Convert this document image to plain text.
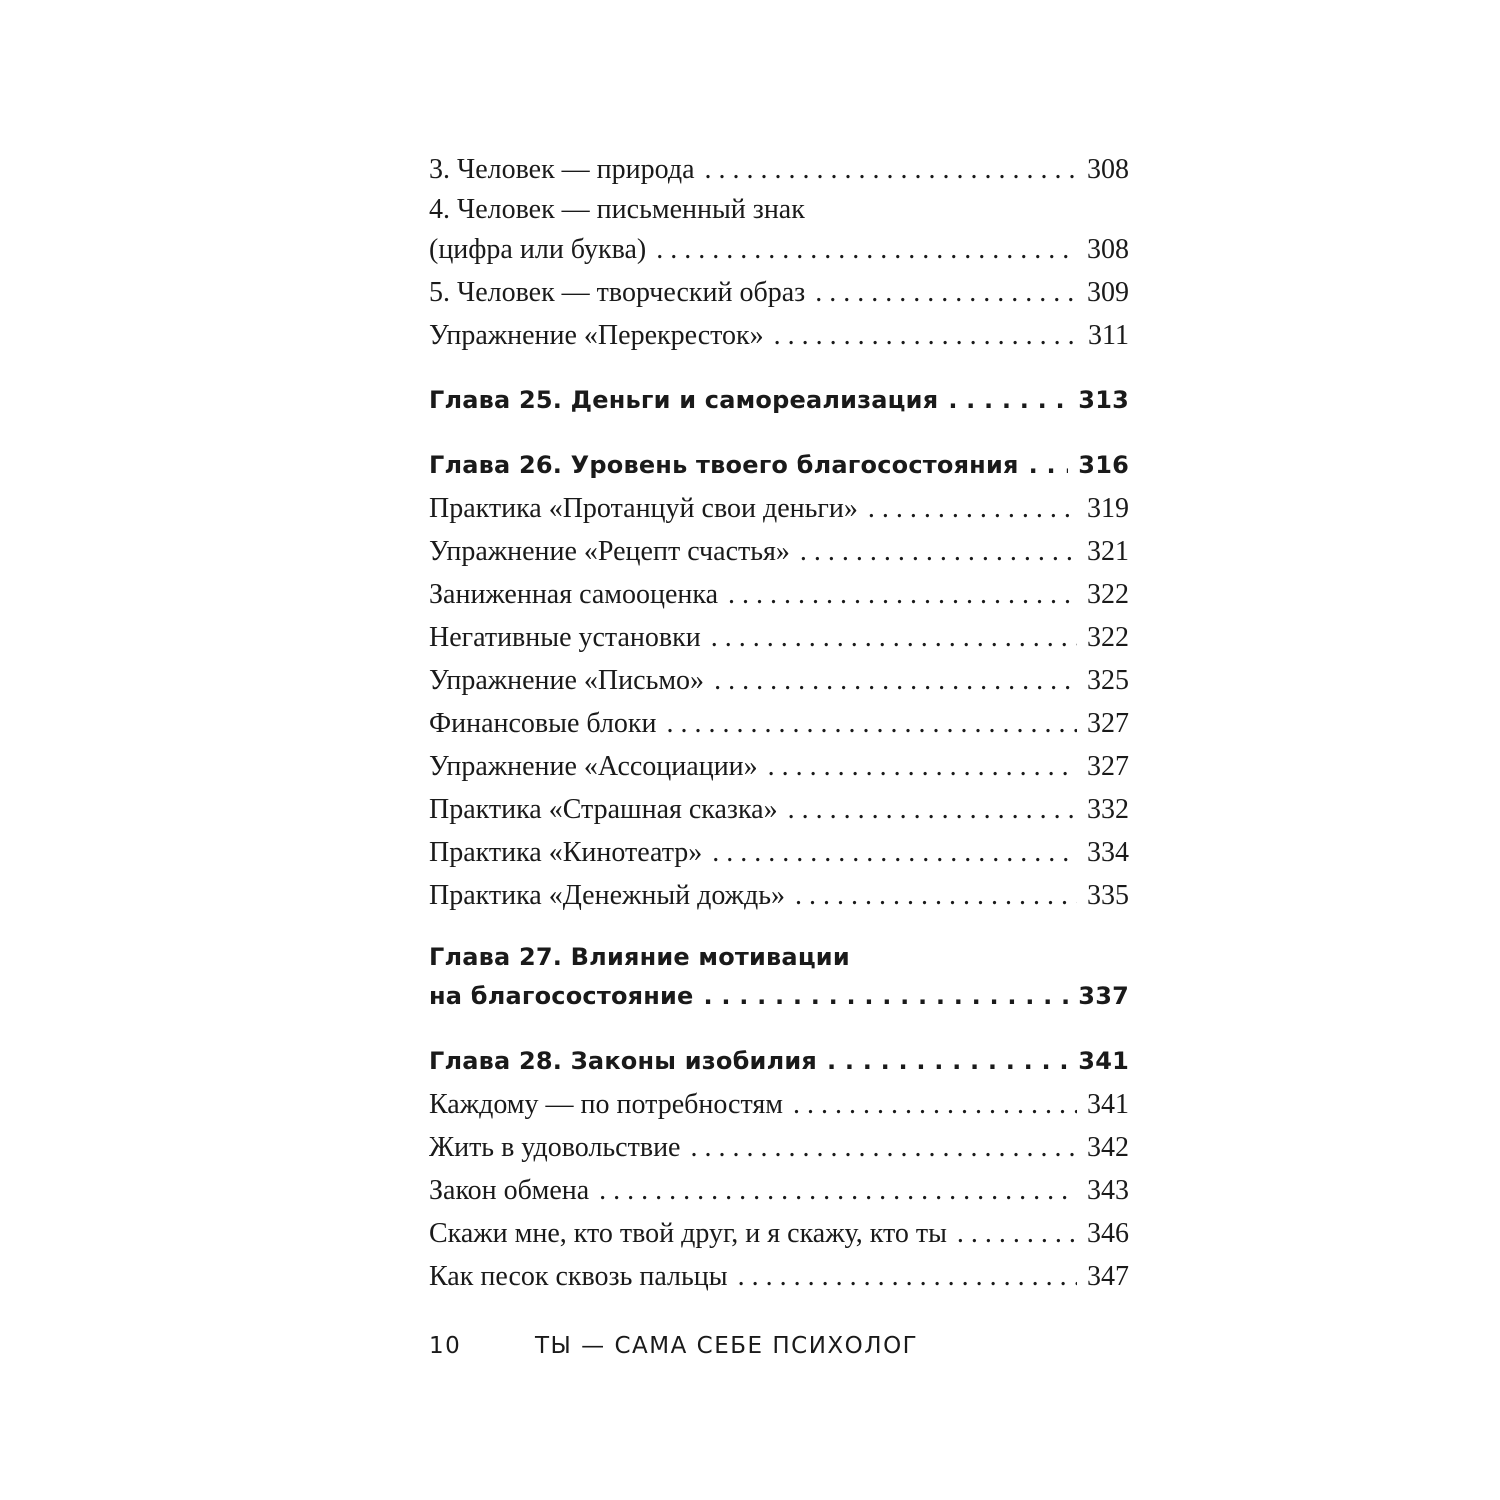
3. Человек — природа . . .	308
4. Человек — письменный знак
(цифра или буква) . . .	308
5. Человек — творческий образ . . .	309
Упражнение «Перекресток» . . .	311
Глава 25. Деньги и самореализация . . .	313
Глава 26. Уровень твоего благосостояния . . . 316
Практика «Протанцуй свои деньги» . . .	319
Упражнение «Рецепт счастья» . . .	321
Заниженная самооценка . . .	322
Негативные установки . . .	322
Упражнение «Письмо» . . .	325
Финансовые блоки . . .	327
Упражнение «Ассоциации» . . .	327
Практика «Страшная сказка» . . .	332
Практика «Кинотеатр» . . .	334
Практика «Денежный дождь» . . .	335
Глава 27. Влияние мотивации
на благосостояние . . .	337
Глава 28. Законы изобилия . . .	341
Каждому — по потребностям . . .	341
Жить в удовольствие . . .	342
Закон обмена . . .	343
Скажи мне, кто твой друг, и я скажу, кто ты . . .	346
Как песок сквозь пальцы . . .	347
10	ТЫ — САМА СЕБЕ ПСИХОЛОГ
